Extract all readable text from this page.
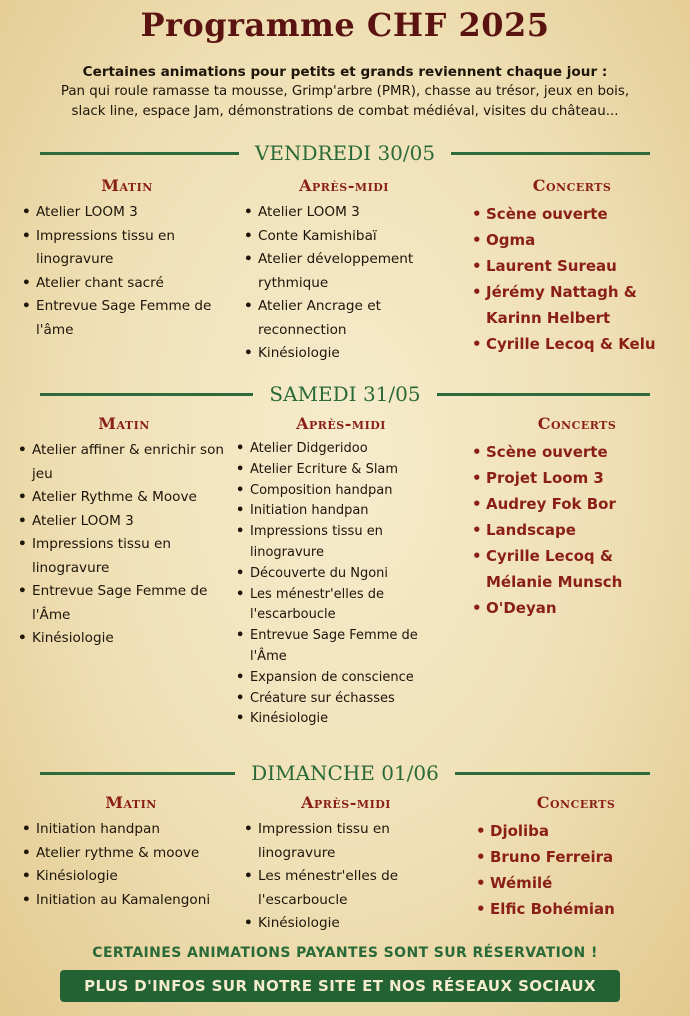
Programme CHF 2025
Certaines animations pour petits et grands reviennent chaque jour :
Pan qui roule ramasse ta mousse, Grimp'arbre (PMR), chasse au trésor, jeux en bois,
slack line, espace Jam, démonstrations de combat médiéval, visites du château...
VENDREDI 30/05
Matin
• Atelier LOOM 3
• Impressions tissu en linogravure
• Atelier chant sacré
• Entrevue Sage Femme de l'âme
Après-midi
• Atelier LOOM 3
• Conte Kamishibaï
• Atelier développement rythmique
• Atelier Ancrage et reconnection
• Kinésiologie
Concerts
• Scène ouverte
• Ogma
• Laurent Sureau
• Jérémy Nattagh & Karinn Helbert
• Cyrille Lecoq & Kelu
SAMEDI 31/05
Matin
• Atelier affiner & enrichir son jeu
• Atelier Rythme & Moove
• Atelier LOOM 3
• Impressions tissu en linogravure
• Entrevue Sage Femme de l'Âme
• Kinésiologie
Après-midi
• Atelier Didgeridoo
• Atelier Ecriture & Slam
• Composition handpan
• Initiation handpan
• Impressions tissu en linogravure
• Découverte du Ngoni
• Les ménestr'elles de l'escarboucle
• Entrevue Sage Femme de l'Âme
• Expansion de conscience
• Créature sur échasses
• Kinésiologie
Concerts
• Scène ouverte
• Projet Loom 3
• Audrey Fok Bor
• Landscape
• Cyrille Lecoq & Mélanie Munsch
• O'Deyan
DIMANCHE 01/06
Matin
• Initiation handpan
• Atelier rythme & moove
• Kinésiologie
• Initiation au Kamalengoni
Après-midi
• Impression tissu en linogravure
• Les ménestr'elles de l'escarboucle
• Kinésiologie
Concerts
• Djoliba
• Bruno Ferreira
• Wémilé
• Elfic Bohémian
CERTAINES ANIMATIONS PAYANTES SONT SUR RÉSERVATION !
PLUS D'INFOS SUR NOTRE SITE ET NOS RÉSEAUX SOCIAUX
